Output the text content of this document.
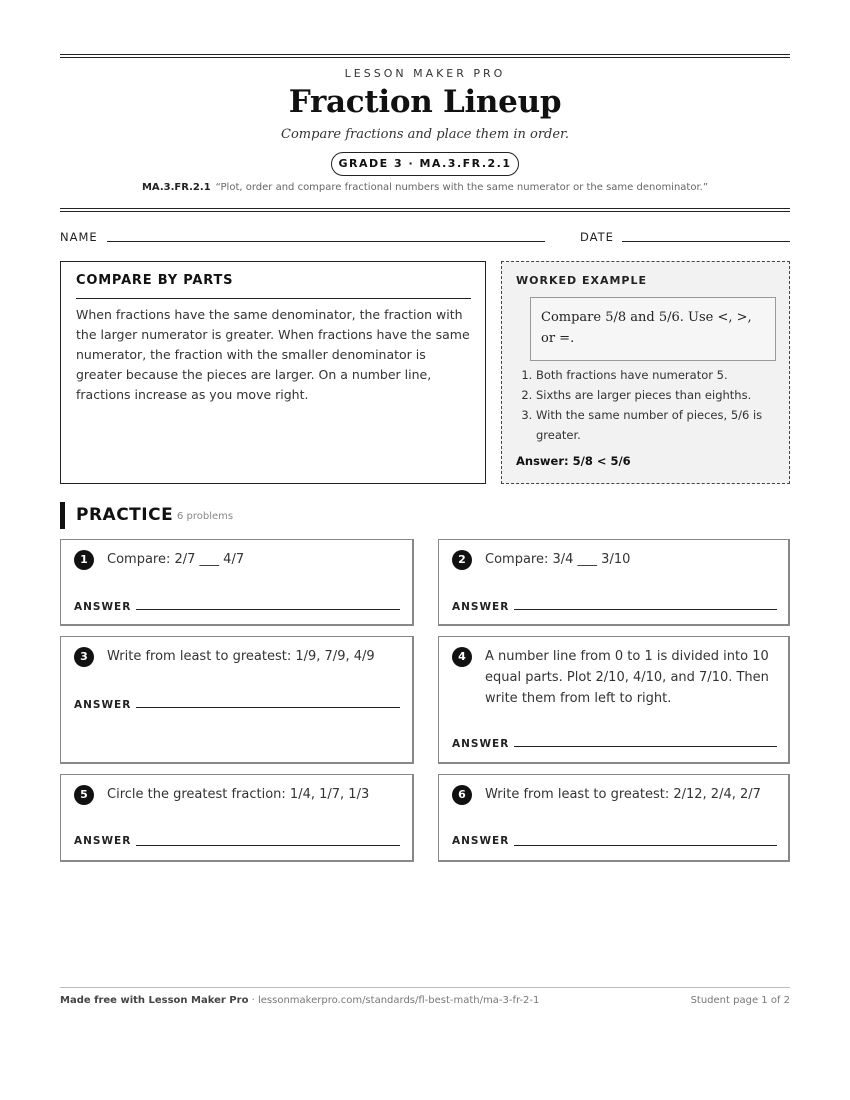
LESSON MAKER PRO
Fraction Lineup
Compare fractions and place them in order.
GRADE 3 · MA.3.FR.2.1
MA.3.FR.2.1 “Plot, order and compare fractional numbers with the same numerator or the same denominator.”
NAME	DATE
COMPARE BY PARTS

When fractions have the same denominator, the fraction with the larger numerator is greater. When fractions have the same numerator, the fraction with the smaller denominator is greater because the pieces are larger. On a number line, fractions increase as you move right.

WORKED EXAMPLE
Compare 5/8 and 5/6. Use <, >, or =.
1. Both fractions have numerator 5.
2. Sixths are larger pieces than eighths.
3. With the same number of pieces, 5/6 is greater.
Answer: 5/8 < 5/6
PRACTICE 6 problems
1	Compare: 2/7 ___ 4/7

ANSWER
2	Compare: 3/4 ___ 3/10

ANSWER
3	Write from least to greatest: 1/9, 7/9, 4/9

ANSWER
4	A number line from 0 to 1 is divided into 10 equal parts. Plot 2/10, 4/10, and 7/10. Then write them from left to right.

ANSWER
5	Circle the greatest fraction: 1/4, 1/7, 1/3

ANSWER
6	Write from least to greatest: 2/12, 2/4, 2/7

ANSWER
Made free with Lesson Maker Pro · lessonmakerpro.com/standards/fl-best-math/ma-3-fr-2-1	Student page 1 of 2
